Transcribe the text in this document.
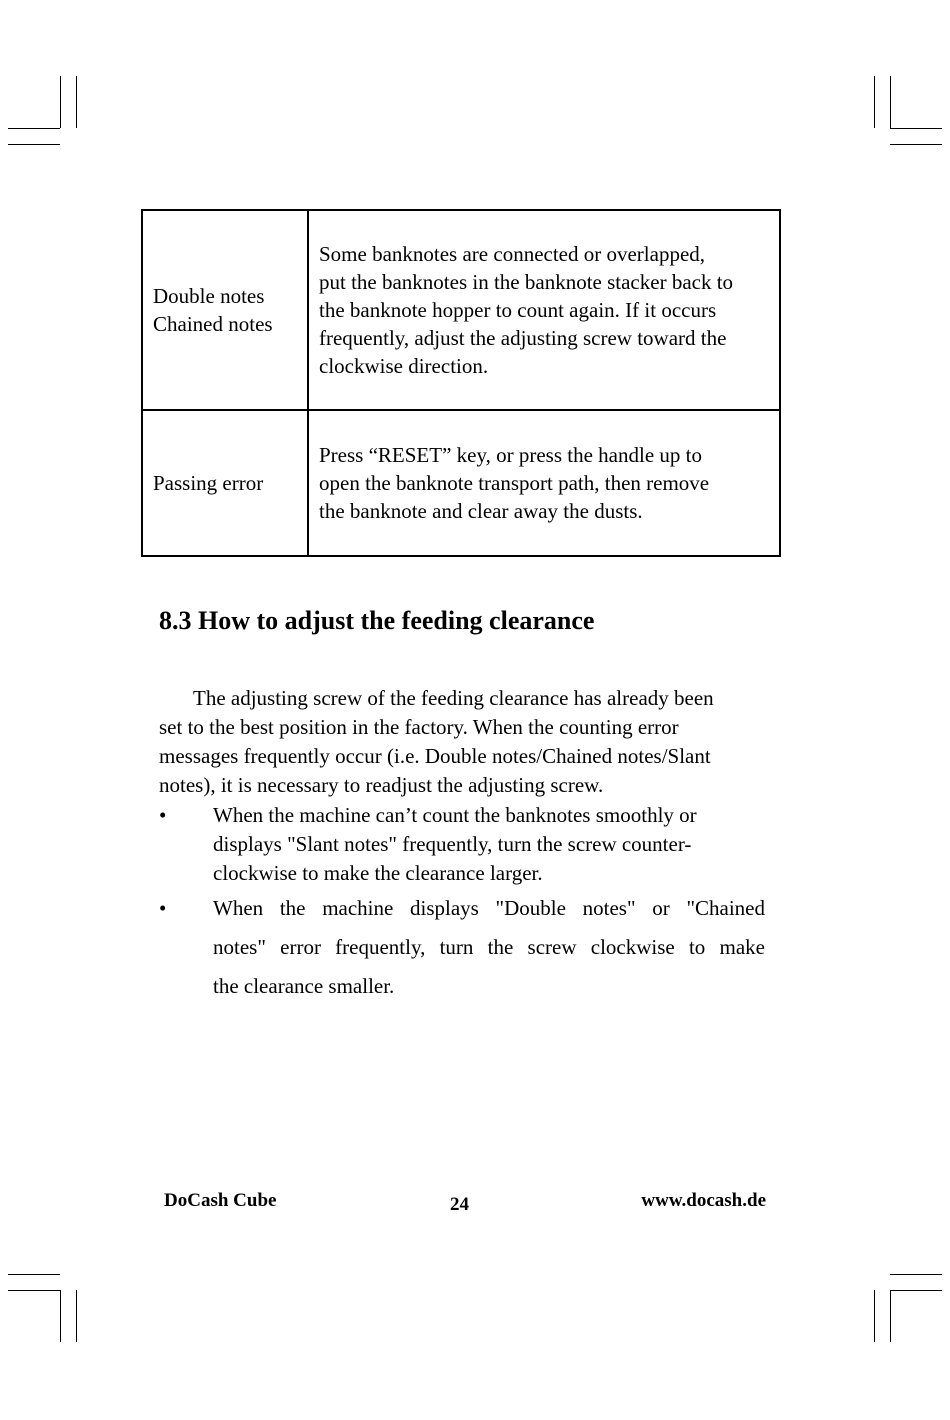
Double notes
Chained notes	Some banknotes are connected or overlapped,
put the banknotes in the banknote stacker back to
the banknote hopper to count again. If it occurs
frequently, adjust the adjusting screw toward the
clockwise direction.

Passing error	Press “RESET” key, or press the handle up to
open the banknote transport path, then remove
the banknote and clear away the dusts.
8.3 How to adjust the feeding clearance
The adjusting screw of the feeding clearance has already been
set to the best position in the factory. When the counting error
messages frequently occur (i.e. Double notes/Chained notes/Slant
notes), it is necessary to readjust the adjusting screw.
•	When the machine can’t count the banknotes smoothly or
displays "Slant notes" frequently, turn the screw counter-
clockwise to make the clearance larger.
•	When the machine displays "Double notes" or "Chained
notes" error frequently, turn the screw clockwise to make
the clearance smaller.
DoCash Cube	24	www.docash.de
